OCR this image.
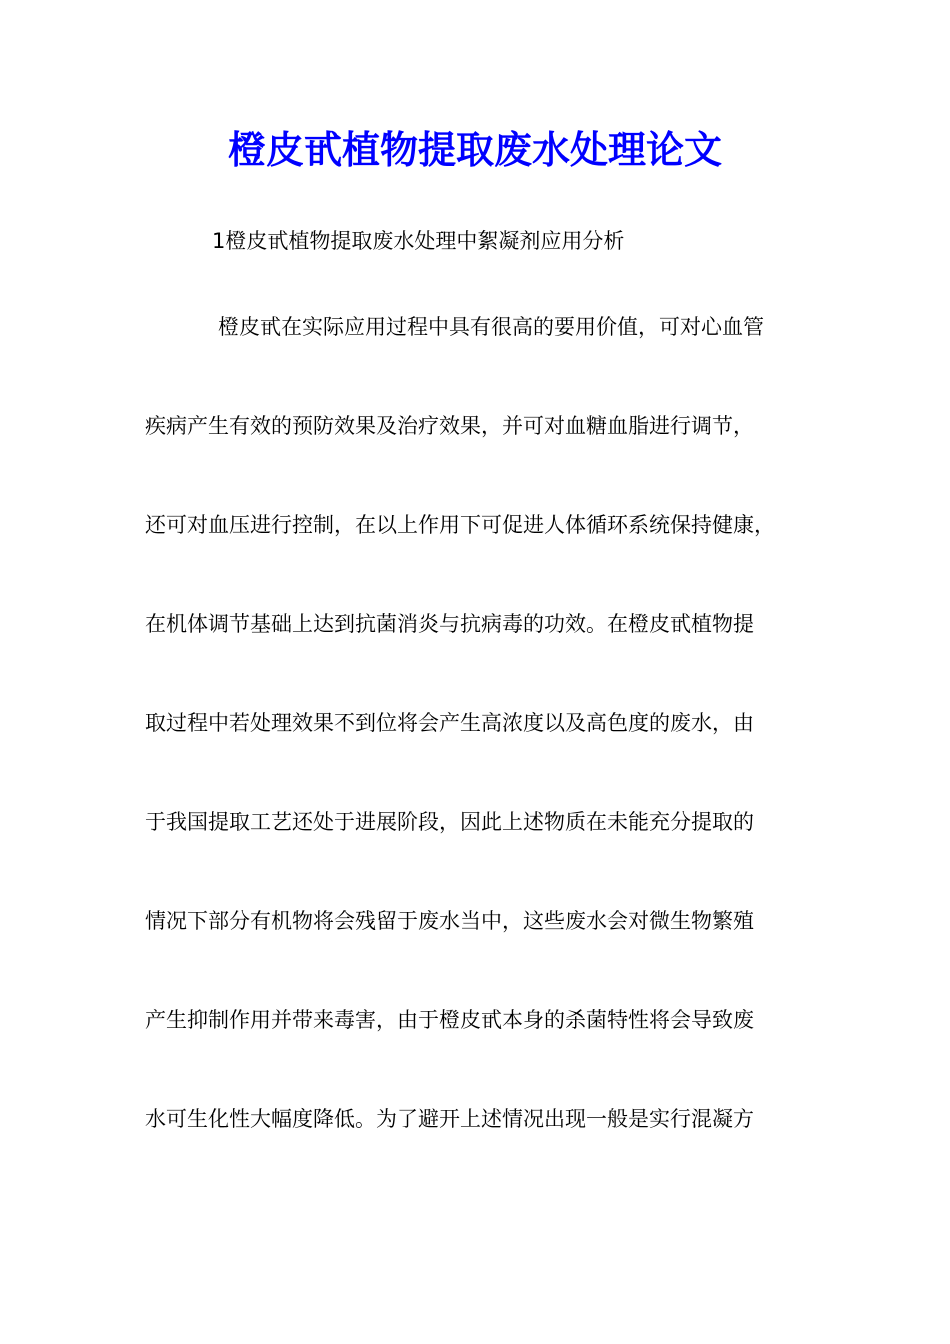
橙皮甙植物提取废水处理论文
1橙皮甙植物提取废水处理中絮凝剂应用分析
橙皮甙在实际应用过程中具有很高的要用价值，可对心血管
疾病产生有效的预防效果及治疗效果，并可对血糖血脂进行调节，
还可对血压进行控制，在以上作用下可促进人体循环系统保持健康，
在机体调节基础上达到抗菌消炎与抗病毒的功效。在橙皮甙植物提
取过程中若处理效果不到位将会产生高浓度以及高色度的废水，由
于我国提取工艺还处于进展阶段，因此上述物质在未能充分提取的
情况下部分有机物将会残留于废水当中，这些废水会对微生物繁殖
产生抑制作用并带来毒害，由于橙皮甙本身的杀菌特性将会导致废
水可生化性大幅度降低。为了避开上述情况出现一般是实行混凝方
